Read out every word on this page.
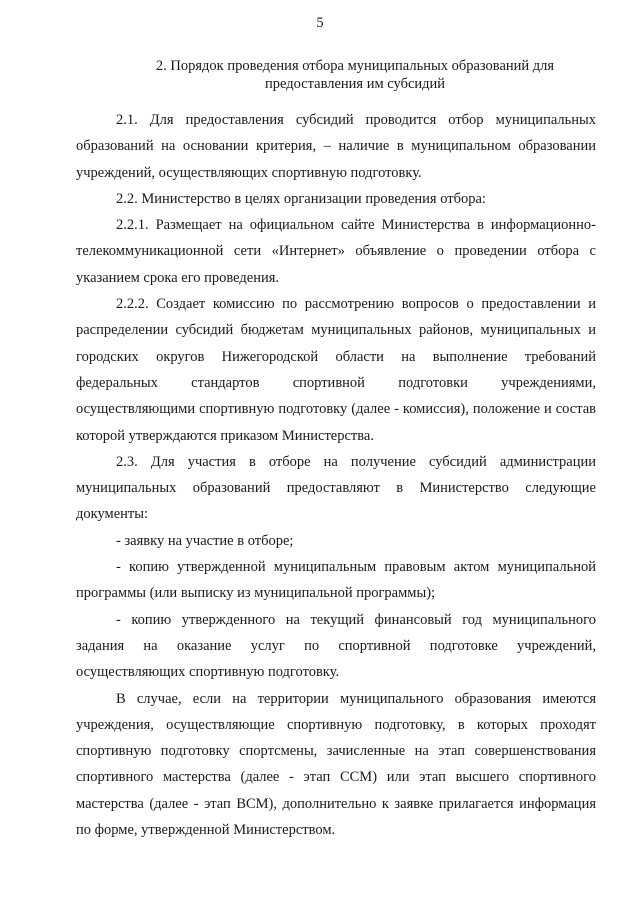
5
2. Порядок проведения отбора муниципальных образований для
предоставления им субсидий

2.1. Для предоставления субсидий проводится отбор муниципальных образований на основании критерия, – наличие в муниципальном образовании учреждений, осуществляющих спортивную подготовку.

2.2. Министерство в целях организации проведения отбора:

2.2.1. Размещает на официальном сайте Министерства в информационно-телекоммуникационной сети «Интернет» объявление о проведении отбора с указанием срока его проведения.

2.2.2. Создает комиссию по рассмотрению вопросов о предоставлении и распределении субсидий бюджетам муниципальных районов, муниципальных и городских округов Нижегородской области на выполнение требований федеральных стандартов спортивной подготовки учреждениями, осуществляющими спортивную подготовку (далее - комиссия), положение и состав которой утверждаются приказом Министерства.

2.3. Для участия в отборе на получение субсидий администрации муниципальных образований предоставляют в Министерство следующие документы:

- заявку на участие в отборе;

- копию утвержденной муниципальным правовым актом муниципальной программы (или выписку из муниципальной программы);

- копию утвержденного на текущий финансовый год муниципального задания на оказание услуг по спортивной подготовке учреждений, осуществляющих спортивную подготовку.

В случае, если на территории муниципального образования имеются учреждения, осуществляющие спортивную подготовку, в которых проходят спортивную подготовку спортсмены, зачисленные на этап совершенствования спортивного мастерства (далее - этап ССМ) или этап высшего спортивного мастерства (далее - этап ВСМ), дополнительно к заявке прилагается информация по форме, утвержденной Министерством.
